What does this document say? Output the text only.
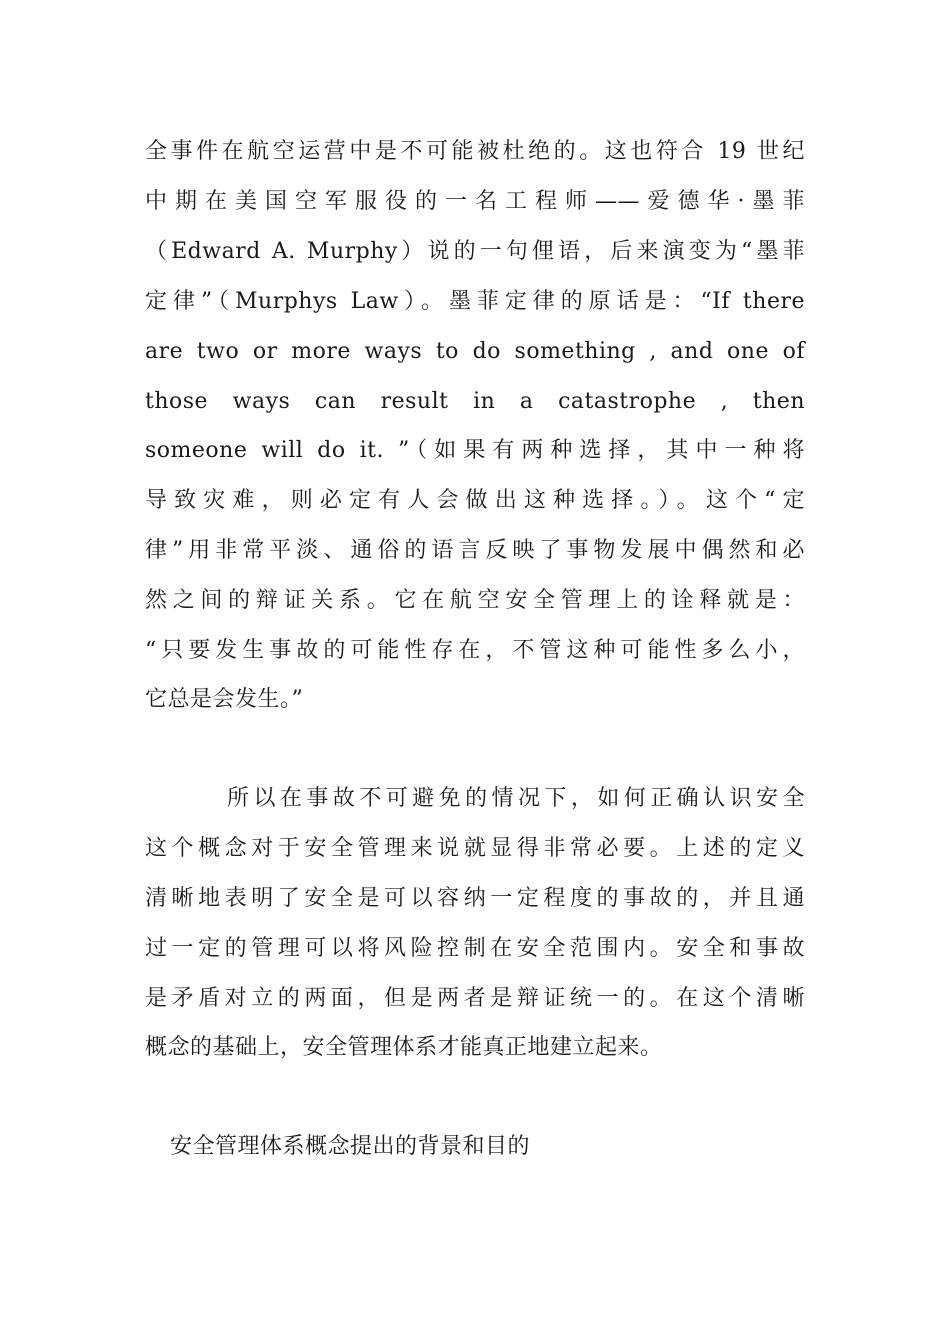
全事件在航空运营中是不可能被杜绝的。这也符合 19 世纪
中期在美国空军服役的一名工程师——爱德华·墨菲
（Edward A. Murphy）说的一句俚语，后来演变为“墨菲
定律”（Murphys Law）。墨菲定律的原话是：“If there
are two or more ways to do something , and one of
those ways can result in a catastrophe , then
someone will do it. ”（如果有两种选择，其中一种将
导致灾难，则必定有人会做出这种选择。）。这个“定
律”用非常平淡、通俗的语言反映了事物发展中偶然和必
然之间的辩证关系。它在航空安全管理上的诠释就是：
“只要发生事故的可能性存在，不管这种可能性多么小，
它总是会发生。”
所以在事故不可避免的情况下，如何正确认识安全
这个概念对于安全管理来说就显得非常必要。上述的定义
清晰地表明了安全是可以容纳一定程度的事故的，并且通
过一定的管理可以将风险控制在安全范围内。安全和事故
是矛盾对立的两面，但是两者是辩证统一的。在这个清晰
概念的基础上，安全管理体系才能真正地建立起来。
安全管理体系概念提出的背景和目的
